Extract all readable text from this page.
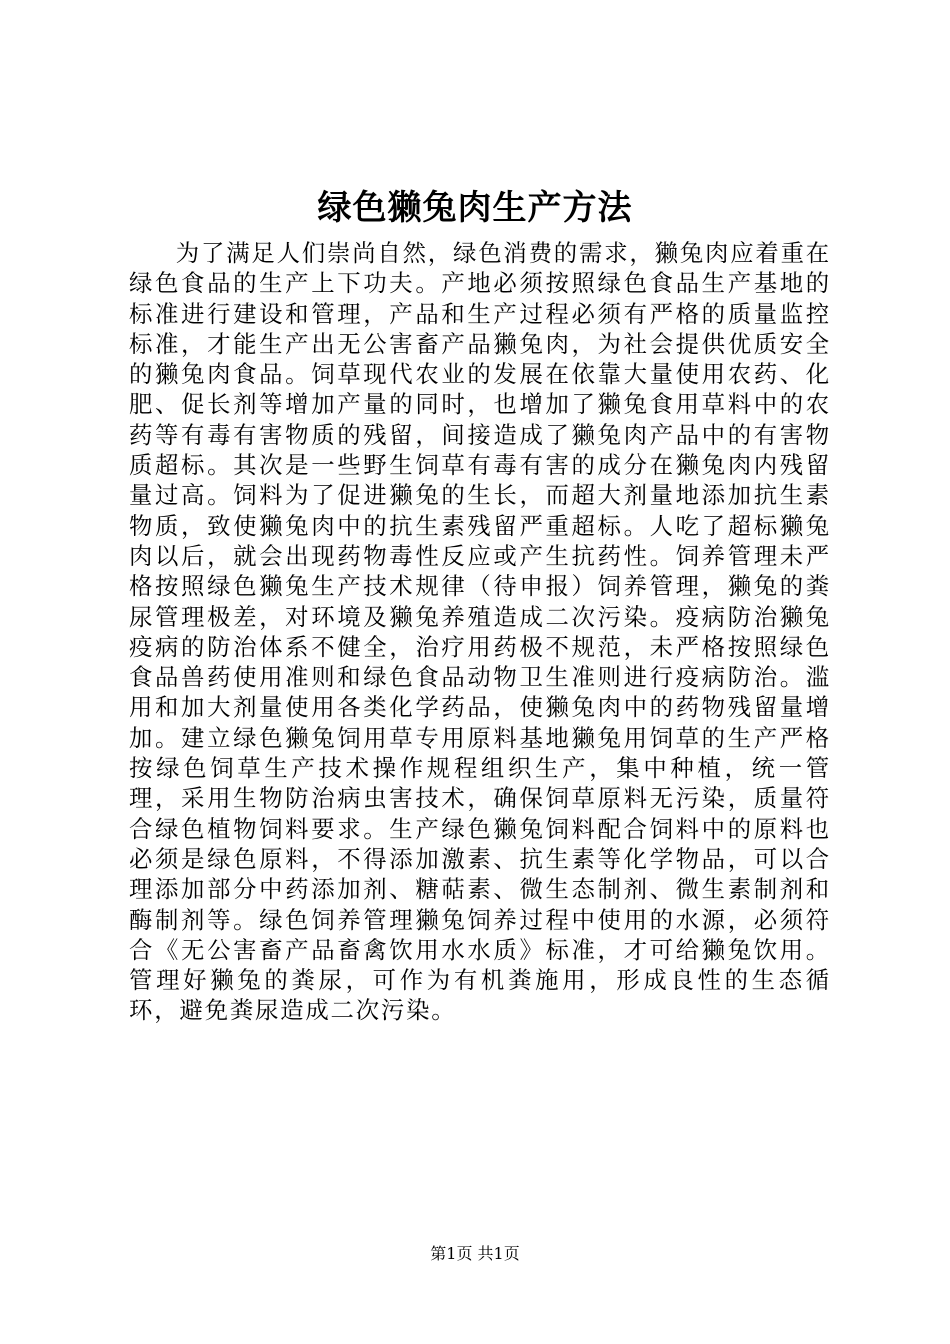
绿色獭兔肉生产方法

为了满足人们崇尚自然，绿色消费的需求，獭兔肉应着重在绿色食品的生产上下功夫。产地必须按照绿色食品生产基地的标准进行建设和管理，产品和生产过程必须有严格的质量监控标准，才能生产出无公害畜产品獭兔肉，为社会提供优质安全的獭兔肉食品。饲草现代农业的发展在依靠大量使用农药、化肥、促长剂等增加产量的同时，也增加了獭兔食用草料中的农药等有毒有害物质的残留，间接造成了獭兔肉产品中的有害物质超标。其次是一些野生饲草有毒有害的成分在獭兔肉内残留量过高。饲料为了促进獭兔的生长，而超大剂量地添加抗生素物质，致使獭兔肉中的抗生素残留严重超标。人吃了超标獭兔肉以后，就会出现药物毒性反应或产生抗药性。饲养管理未严格按照绿色獭兔生产技术规律（待申报）饲养管理，獭兔的粪尿管理极差，对环境及獭兔养殖造成二次污染。疫病防治獭兔疫病的防治体系不健全，治疗用药极不规范，未严格按照绿色食品兽药使用准则和绿色食品动物卫生准则进行疫病防治。滥用和加大剂量使用各类化学药品，使獭兔肉中的药物残留量增加。建立绿色獭兔饲用草专用原料基地獭兔用饲草的生产严格按绿色饲草生产技术操作规程组织生产，集中种植，统一管理，采用生物防治病虫害技术，确保饲草原料无污染，质量符合绿色植物饲料要求。生产绿色獭兔饲料配合饲料中的原料也必须是绿色原料，不得添加激素、抗生素等化学物品，可以合理添加部分中药添加剂、糖萜素、微生态制剂、微生素制剂和酶制剂等。绿色饲养管理獭兔饲养过程中使用的水源，必须符合《无公害畜产品畜禽饮用水水质》标准，才可给獭兔饮用。管理好獭兔的粪尿，可作为有机粪施用，形成良性的生态循环，避免粪尿造成二次污染。

第1页 共1页
